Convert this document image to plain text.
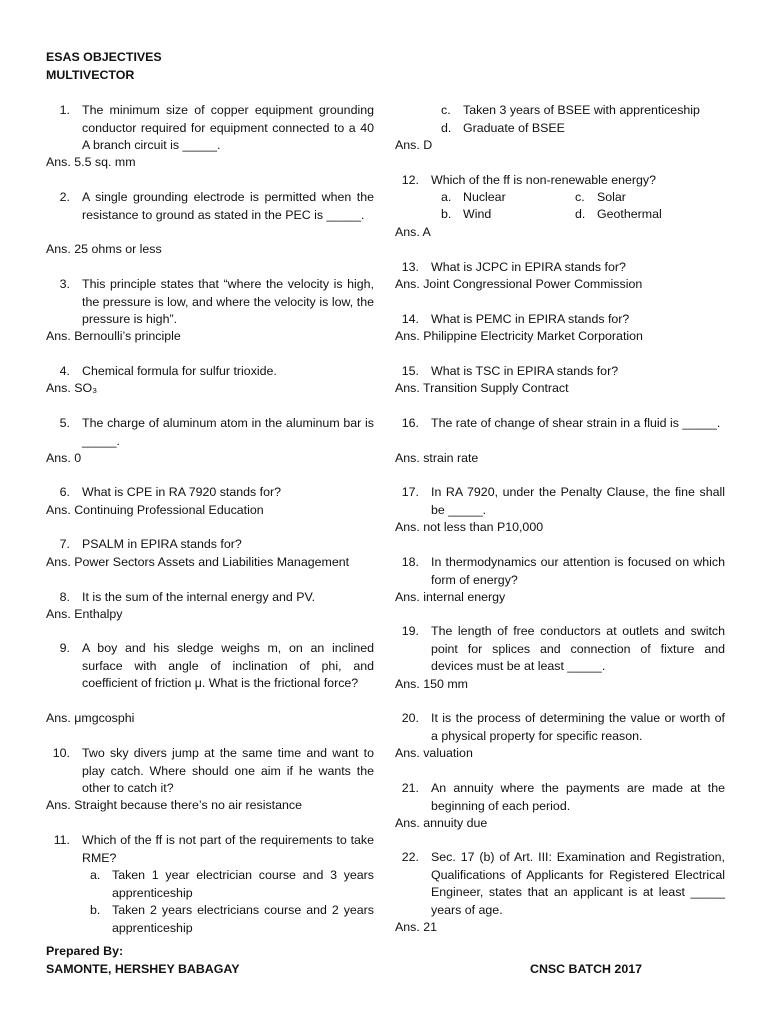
ESAS OBJECTIVES
MULTIVECTOR
1. The minimum size of copper equipment grounding conductor required for equipment connected to a 40 A branch circuit is _____.
Ans. 5.5 sq. mm
2. A single grounding electrode is permitted when the resistance to ground as stated in the PEC is _____.
Ans. 25 ohms or less
3. This principle states that “where the velocity is high, the pressure is low, and where the velocity is low, the pressure is high”.
Ans. Bernoulli’s principle
4. Chemical formula for sulfur trioxide.
Ans. SO₃
5. The charge of aluminum atom in the aluminum bar is _____.
Ans. 0
6. What is CPE in RA 7920 stands for?
Ans. Continuing Professional Education
7. PSALM in EPIRA stands for?
Ans. Power Sectors Assets and Liabilities Management
8. It is the sum of the internal energy and PV.
Ans. Enthalpy
9. A boy and his sledge weighs m, on an inclined surface with angle of inclination of phi, and coefficient of friction μ. What is the frictional force?
Ans. μmgcosphi
10. Two sky divers jump at the same time and want to play catch. Where should one aim if he wants the other to catch it?
Ans. Straight because there’s no air resistance
11. Which of the ff is not part of the requirements to take RME?
a. Taken 1 year electrician course and 3 years apprenticeship
b. Taken 2 years electricians course and 2 years apprenticeship
c. Taken 3 years of BSEE with apprenticeship
d. Graduate of BSEE
Ans. D
12. Which of the ff is non-renewable energy?
a. Nuclear	c. Solar
b. Wind	d. Geothermal
Ans. A
13. What is JCPC in EPIRA stands for?
Ans. Joint Congressional Power Commission
14. What is PEMC in EPIRA stands for?
Ans. Philippine Electricity Market Corporation
15. What is TSC in EPIRA stands for?
Ans. Transition Supply Contract
16. The rate of change of shear strain in a fluid is _____.
Ans. strain rate
17. In RA 7920, under the Penalty Clause, the fine shall be _____.
Ans. not less than P10,000
18. In thermodynamics our attention is focused on which form of energy?
Ans. internal energy
19. The length of free conductors at outlets and switch point for splices and connection of fixture and devices must be at least _____.
Ans. 150 mm
20. It is the process of determining the value or worth of a physical property for specific reason.
Ans. valuation
21. An annuity where the payments are made at the beginning of each period.
Ans. annuity due
22. Sec. 17 (b) of Art. III: Examination and Registration, Qualifications of Applicants for Registered Electrical Engineer, states that an applicant is at least _____ years of age.
Ans. 21
Prepared By:
SAMONTE, HERSHEY BABAGAY	CNSC BATCH 2017
